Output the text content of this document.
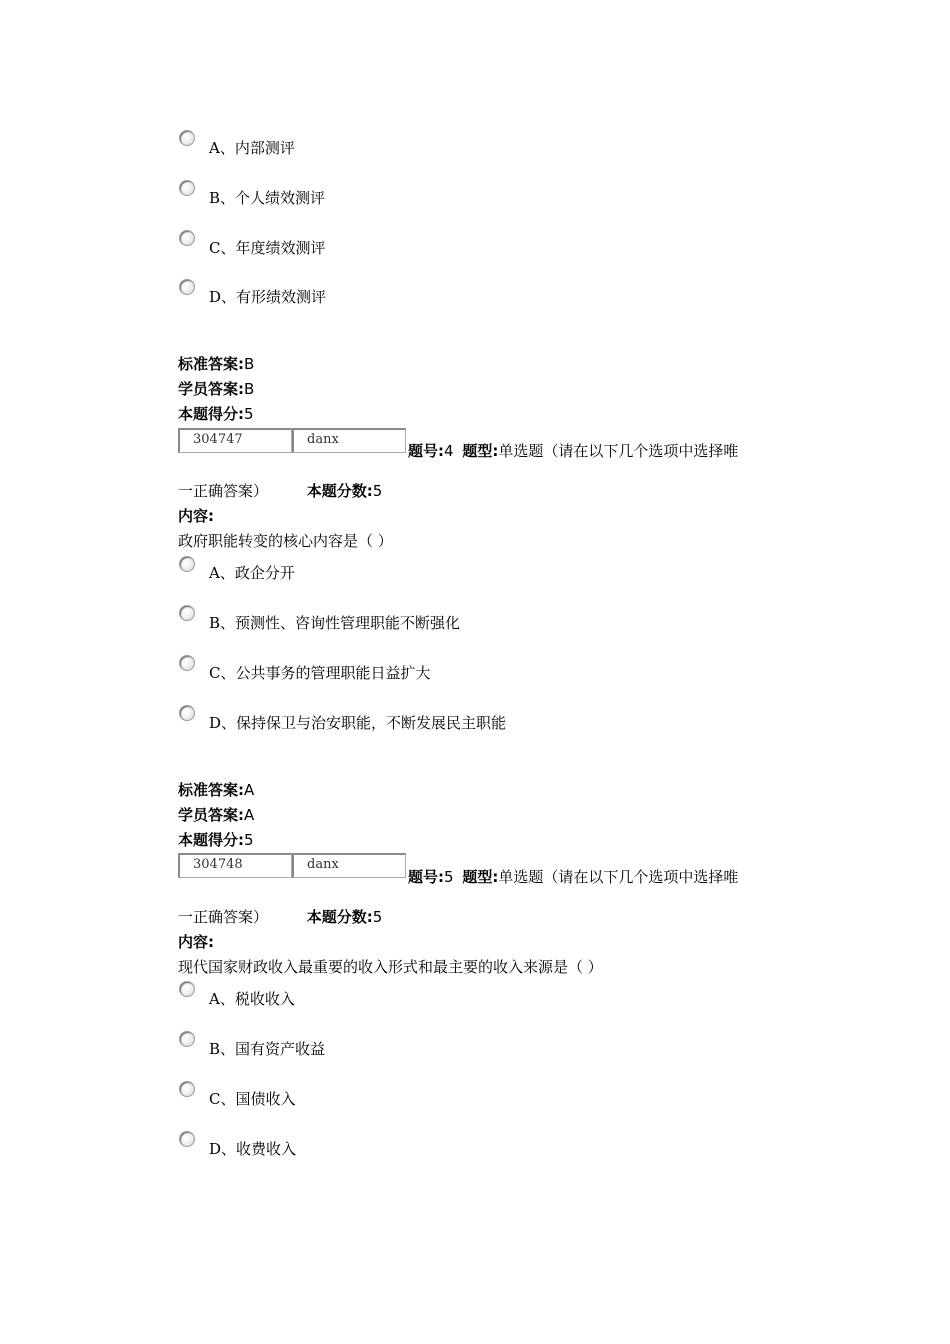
A、内部测评
B、个人绩效测评
C、年度绩效测评
D、有形绩效测评
标准答案:B
学员答案:B
本题得分:5
304747	danx
题号:4 题型:单选题（请在以下几个选项中选择唯
一正确答案）	本题分数:5
内容:
政府职能转变的核心内容是（ ）
A、政企分开
B、预测性、咨询性管理职能不断强化
C、公共事务的管理职能日益扩大
D、保持保卫与治安职能，不断发展民主职能
标准答案:A
学员答案:A
本题得分:5
304748	danx
题号:5 题型:单选题（请在以下几个选项中选择唯
一正确答案）	本题分数:5
内容:
现代国家财政收入最重要的收入形式和最主要的收入来源是（ ）
A、税收收入
B、国有资产收益
C、国债收入
D、收费收入
